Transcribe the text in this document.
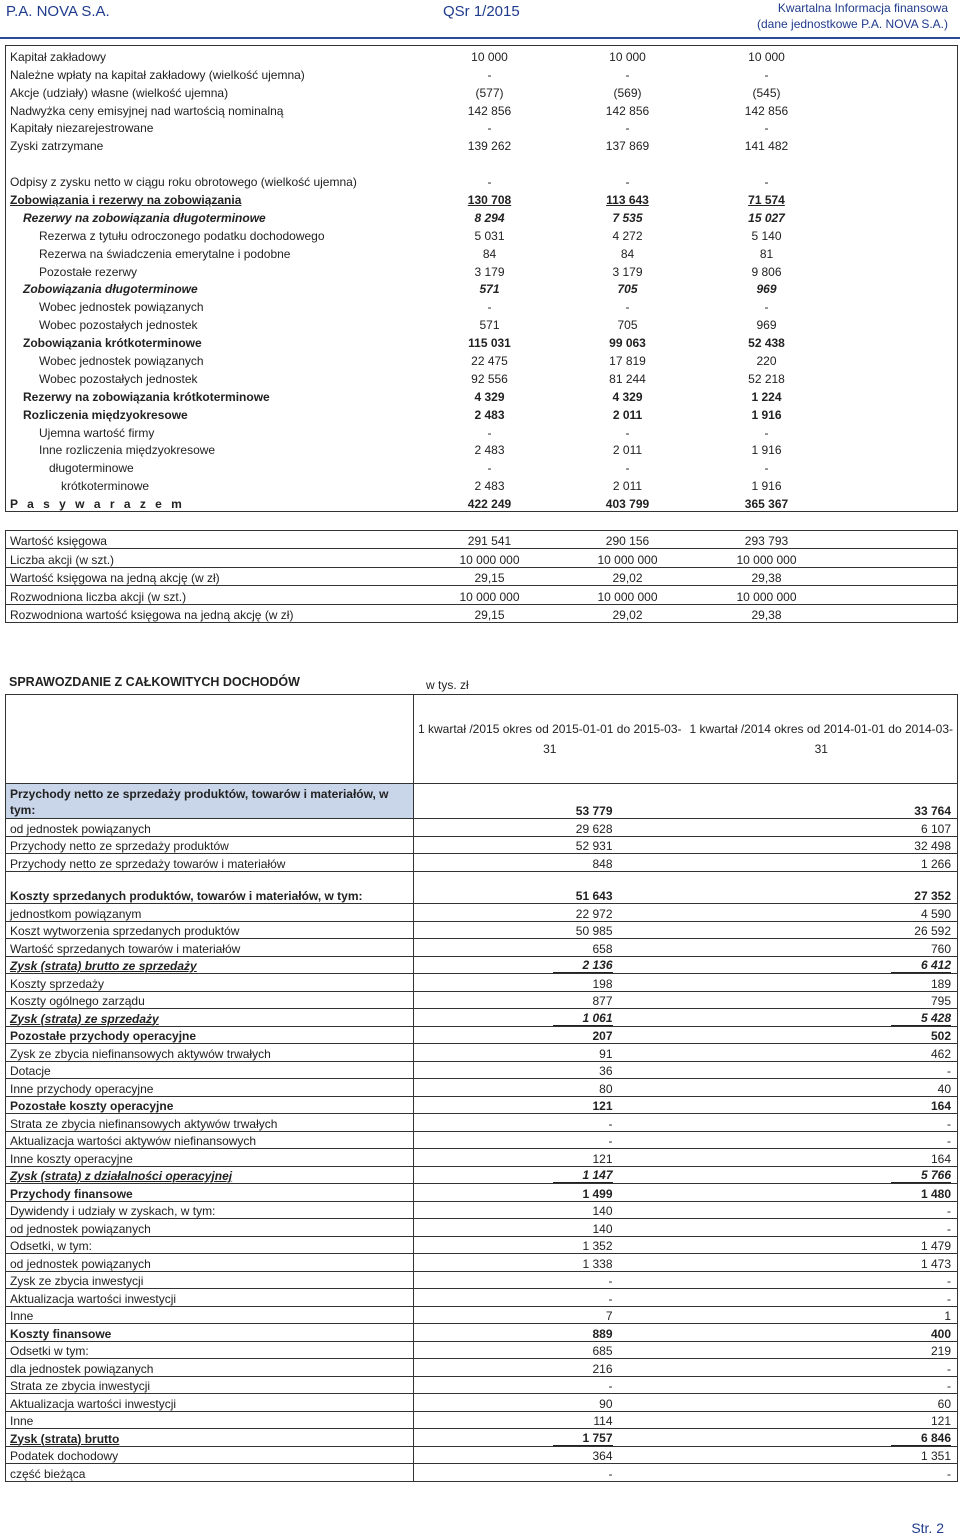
P.A. NOVA S.A.	QSr 1/2015	Kwartalna Informacja finansowa
(dane jednostkowe P.A. NOVA S.A.)
Kapitał zakładowy	10 000	10 000	10 000	
Należne wpłaty na kapitał zakładowy (wielkość ujemna)	-	-	-	
Akcje (udziały) własne (wielkość ujemna)	(577)	(569)	(545)	
Nadwyżka ceny emisyjnej nad wartością nominalną	142 856	142 856	142 856	
Kapitały niezarejestrowane	-	-	-	
Zyski zatrzymane	139 262	137 869	141 482	

Odpisy z zysku netto w ciągu roku obrotowego (wielkość ujemna)	-	-	-	
Zobowiązania i rezerwy na zobowiązania	130 708	113 643	71 574	
Rezerwy na zobowiązania długoterminowe	8 294	7 535	15 027	
Rezerwa z tytułu odroczonego podatku dochodowego	5 031	4 272	5 140	
Rezerwa na świadczenia emerytalne i podobne	84	84	81	
Pozostałe rezerwy	3 179	3 179	9 806	
Zobowiązania długoterminowe	571	705	969	
Wobec jednostek powiązanych	-	-	-	
Wobec pozostałych jednostek	571	705	969	
Zobowiązania krótkoterminowe	115 031	99 063	52 438	
Wobec jednostek powiązanych	22 475	17 819	220	
Wobec pozostałych jednostek	92 556	81 244	52 218	
Rezerwy na zobowiązania krótkoterminowe	4 329	4 329	1 224	
Rozliczenia międzyokresowe	2 483	2 011	1 916	
Ujemna wartość firmy	-	-	-	
Inne rozliczenia międzyokresowe	2 483	2 011	1 916	
długoterminowe	-	-	-	
krótkoterminowe	2 483	2 011	1 916	
P a s y w a r a z e m	422 249	403 799	365 367	
Wartość księgowa	291 541	290 156	293 793	
Liczba akcji (w szt.)	10 000 000	10 000 000	10 000 000	
Wartość księgowa na jedną akcję (w zł)	29,15	29,02	29,38	
Rozwodniona liczba akcji (w szt.)	10 000 000	10 000 000	10 000 000	
Rozwodniona wartość księgowa na jedną akcję (w zł)	29,15	29,02	29,38	
SPRAWOZDANIE Z CAŁKOWITYCH DOCHODÓW	w tys. zł
	1 kwartał /2015 okres od 2015-01-01 do 2015-03-31	1 kwartał /2014 okres od 2014-01-01 do 2014-03-31
Przychody netto ze sprzedaży produktów, towarów i materiałów, w tym:	53 779	33 764
od jednostek powiązanych	29 628	6 107
Przychody netto ze sprzedaży produktów	52 931	32 498
Przychody netto ze sprzedaży towarów i materiałów	848	1 266

Koszty sprzedanych produktów, towarów i materiałów, w tym:	51 643	27 352
jednostkom powiązanym	22 972	4 590
Koszt wytworzenia sprzedanych produktów	50 985	26 592
Wartość sprzedanych towarów i materiałów	658	760
Zysk (strata) brutto ze sprzedaży	2 136	6 412
Koszty sprzedaży	198	189
Koszty ogólnego zarządu	877	795
Zysk (strata) ze sprzedaży	1 061	5 428
Pozostałe przychody operacyjne	207	502
Zysk ze zbycia niefinansowych aktywów trwałych	91	462
Dotacje	36	-
Inne przychody operacyjne	80	40
Pozostałe koszty operacyjne	121	164
Strata ze zbycia niefinansowych aktywów trwałych	-	-
Aktualizacja wartości aktywów niefinansowych	-	-
Inne koszty operacyjne	121	164
Zysk (strata) z działalności operacyjnej	1 147	5 766
Przychody finansowe	1 499	1 480
Dywidendy i udziały w zyskach, w tym:	140	-
od jednostek powiązanych	140	-
Odsetki, w tym:	1 352	1 479
od jednostek powiązanych	1 338	1 473
Zysk ze zbycia inwestycji	-	-
Aktualizacja wartości inwestycji	-	-
Inne	7	1
Koszty finansowe	889	400
Odsetki w tym:	685	219
dla jednostek powiązanych	216	-
Strata ze zbycia inwestycji	-	-
Aktualizacja wartości inwestycji	90	60
Inne	114	121
Zysk (strata) brutto	1 757	6 846
Podatek dochodowy	364	1 351
część bieżąca	-	-
Str. 2
